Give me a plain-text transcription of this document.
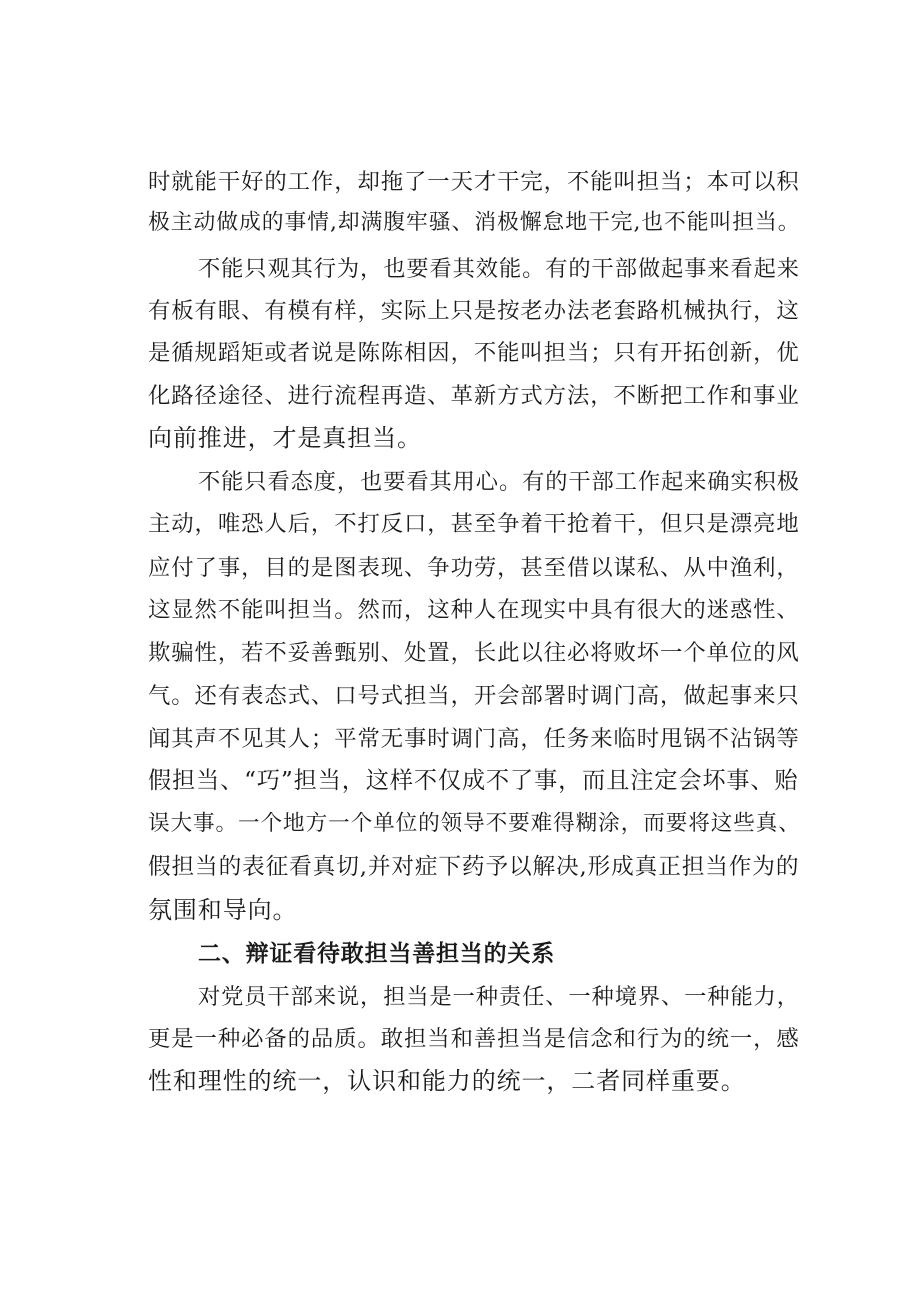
时就能干好的工作，却拖了一天才干完，不能叫担当；本可以积
极主动做成的事情,却满腹牢骚、消极懈怠地干完,也不能叫担当。
不能只观其行为，也要看其效能。有的干部做起事来看起来
有板有眼、有模有样，实际上只是按老办法老套路机械执行，这
是循规蹈矩或者说是陈陈相因，不能叫担当；只有开拓创新，优
化路径途径、进行流程再造、革新方式方法，不断把工作和事业
向前推进，才是真担当。
不能只看态度，也要看其用心。有的干部工作起来确实积极
主动，唯恐人后，不打反口，甚至争着干抢着干，但只是漂亮地
应付了事，目的是图表现、争功劳，甚至借以谋私、从中渔利，
这显然不能叫担当。然而，这种人在现实中具有很大的迷惑性、
欺骗性，若不妥善甄别、处置，长此以往必将败坏一个单位的风
气。还有表态式、口号式担当，开会部署时调门高，做起事来只
闻其声不见其人；平常无事时调门高，任务来临时甩锅不沾锅等
假担当、“巧”担当，这样不仅成不了事，而且注定会坏事、贻
误大事。一个地方一个单位的领导不要难得糊涂，而要将这些真、
假担当的表征看真切,并对症下药予以解决,形成真正担当作为的
氛围和导向。
二、辩证看待敢担当善担当的关系
对党员干部来说，担当是一种责任、一种境界、一种能力，
更是一种必备的品质。敢担当和善担当是信念和行为的统一，感
性和理性的统一，认识和能力的统一，二者同样重要。
